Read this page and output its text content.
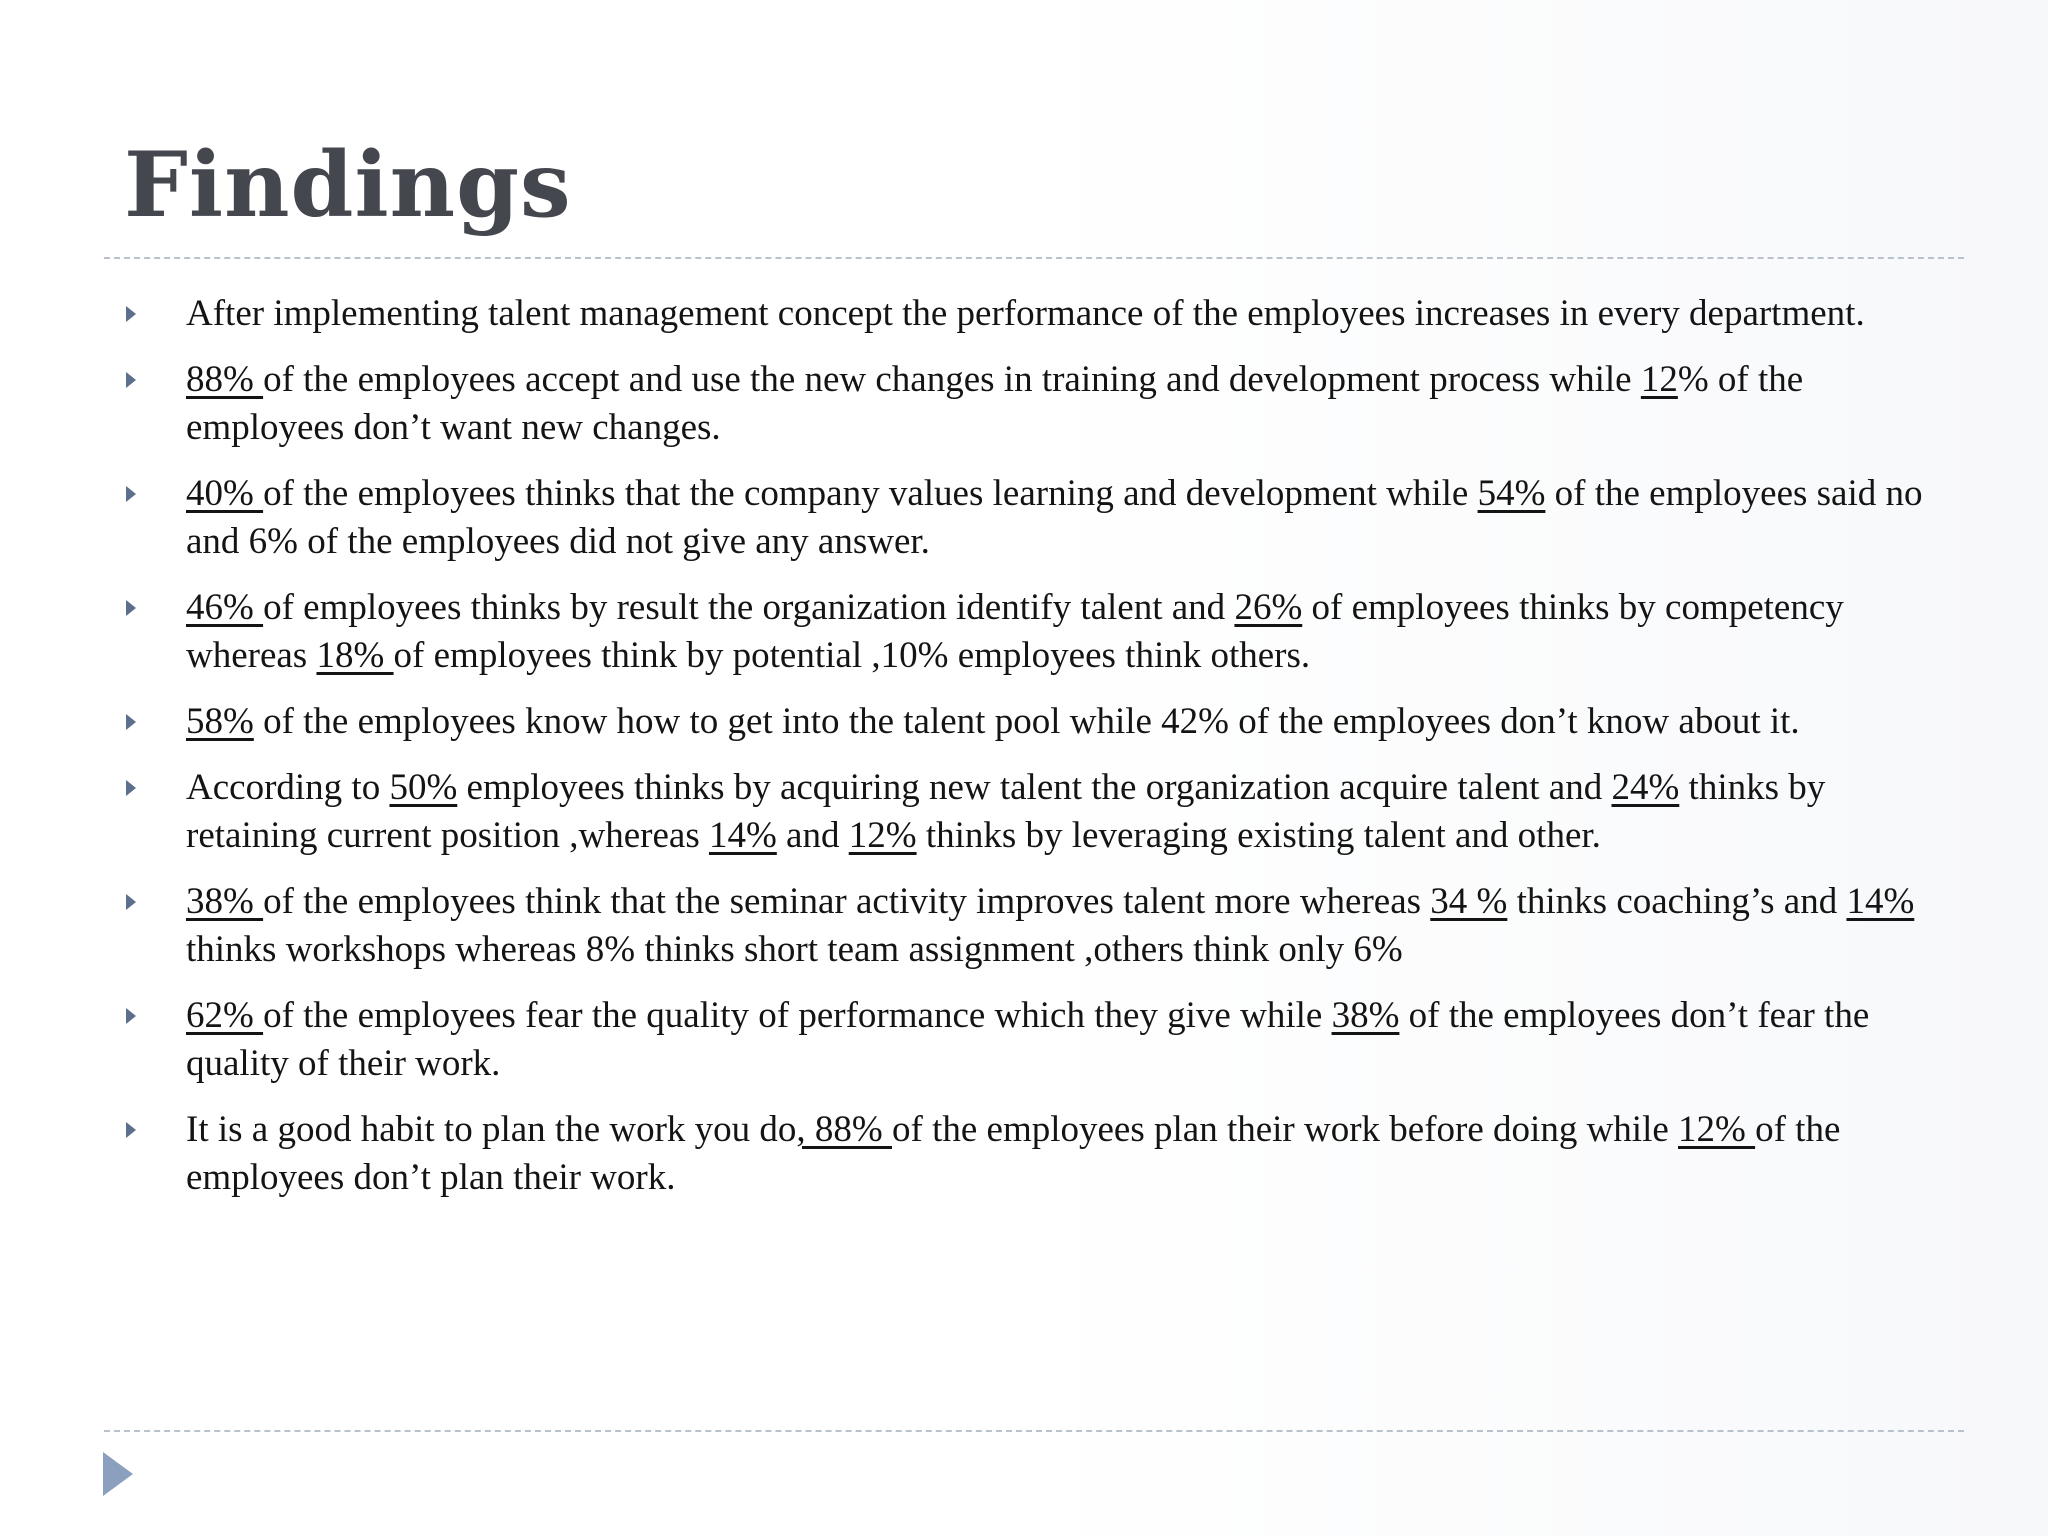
Findings
After implementing talent management concept the performance of the employees increases in every department.
88% of the employees accept and use the new changes in training and development process while 12% of the employees don’t want new changes.
40% of the employees thinks that the company values learning and development while 54% of the employees said no and 6% of the employees did not give any answer.
46% of employees thinks by result the organization identify talent and 26% of employees thinks by competency whereas 18% of employees think by potential ,10% employees think others.
58% of the employees know how to get into the talent pool while 42% of the employees don’t know about it.
According to 50% employees thinks by acquiring new talent the organization acquire talent and 24% thinks by retaining current position ,whereas 14% and 12% thinks by leveraging existing talent and other.
38% of the employees think that the seminar activity improves talent more whereas 34 % thinks coaching’s and 14% thinks workshops whereas 8% thinks short team assignment ,others think only 6%
62% of the employees fear the quality of performance which they give while 38% of the employees don’t fear the quality of their work.
It is a good habit to plan the work you do, 88% of the employees plan their work before doing while 12% of the employees don’t plan their work.
